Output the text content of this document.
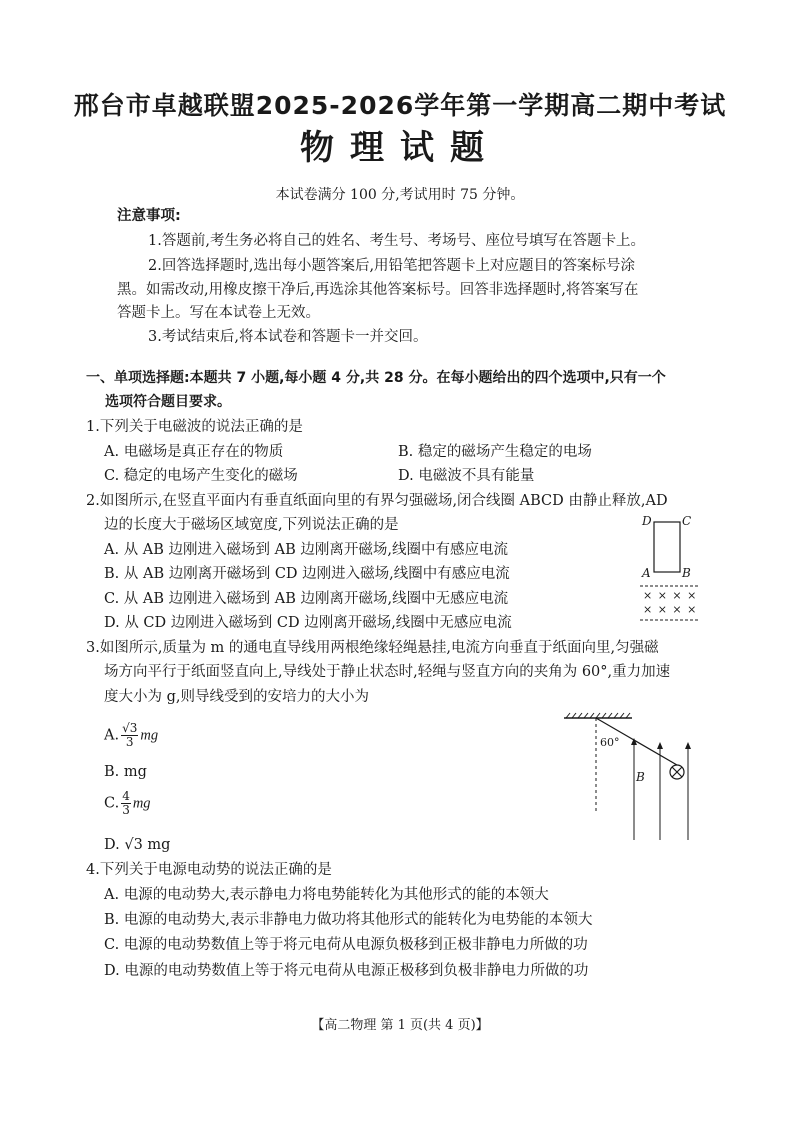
邢台市卓越联盟2025-2026学年第一学期高二期中考试
物理试题
本试卷满分 100 分,考试用时 75 分钟。
注意事项:
1.答题前,考生务必将自己的姓名、考生号、考场号、座位号填写在答题卡上。
2.回答选择题时,选出每小题答案后,用铅笔把答题卡上对应题目的答案标号涂
黑。如需改动,用橡皮擦干净后,再选涂其他答案标号。回答非选择题时,将答案写在
答题卡上。写在本试卷上无效。
3.考试结束后,将本试卷和答题卡一并交回。
一、单项选择题:本题共 7 小题,每小题 4 分,共 28 分。在每小题给出的四个选项中,只有一个
选项符合题目要求。
1.下列关于电磁波的说法正确的是
A. 电磁场是真正存在的物质	B. 稳定的磁场产生稳定的电场
C. 稳定的电场产生变化的磁场	D. 电磁波不具有能量
2.如图所示,在竖直平面内有垂直纸面向里的有界匀强磁场,闭合线圈 ABCD 由静止释放,AD
边的长度大于磁场区域宽度,下列说法正确的是
A. 从 AB 边刚进入磁场到 AB 边刚离开磁场,线圈中有感应电流
B. 从 AB 边刚离开磁场到 CD 边刚进入磁场,线圈中有感应电流
C. 从 AB 边刚进入磁场到 AB 边刚离开磁场,线圈中无感应电流
D. 从 CD 边刚进入磁场到 CD 边刚离开磁场,线圈中无感应电流
D	C
A	B
× × × ×
× × × ×
3.如图所示,质量为 m 的通电直导线用两根绝缘轻绳悬挂,电流方向垂直于纸面向里,匀强磁
场方向平行于纸面竖直向上,导线处于静止状态时,轻绳与竖直方向的夹角为 60°,重力加速
度大小为 g,则导线受到的安培力的大小为
A. $\frac{√3}{3}$ mg
B. mg
C. $\frac{4}{3}$ mg
D. √3 mg
60°
B
4.下列关于电源电动势的说法正确的是
A. 电源的电动势大,表示静电力将电势能转化为其他形式的能的本领大
B. 电源的电动势大,表示非静电力做功将其他形式的能转化为电势能的本领大
C. 电源的电动势数值上等于将元电荷从电源负极移到正极非静电力所做的功
D. 电源的电动势数值上等于将元电荷从电源正极移到负极非静电力所做的功
【高二物理 第 1 页(共 4 页)】
